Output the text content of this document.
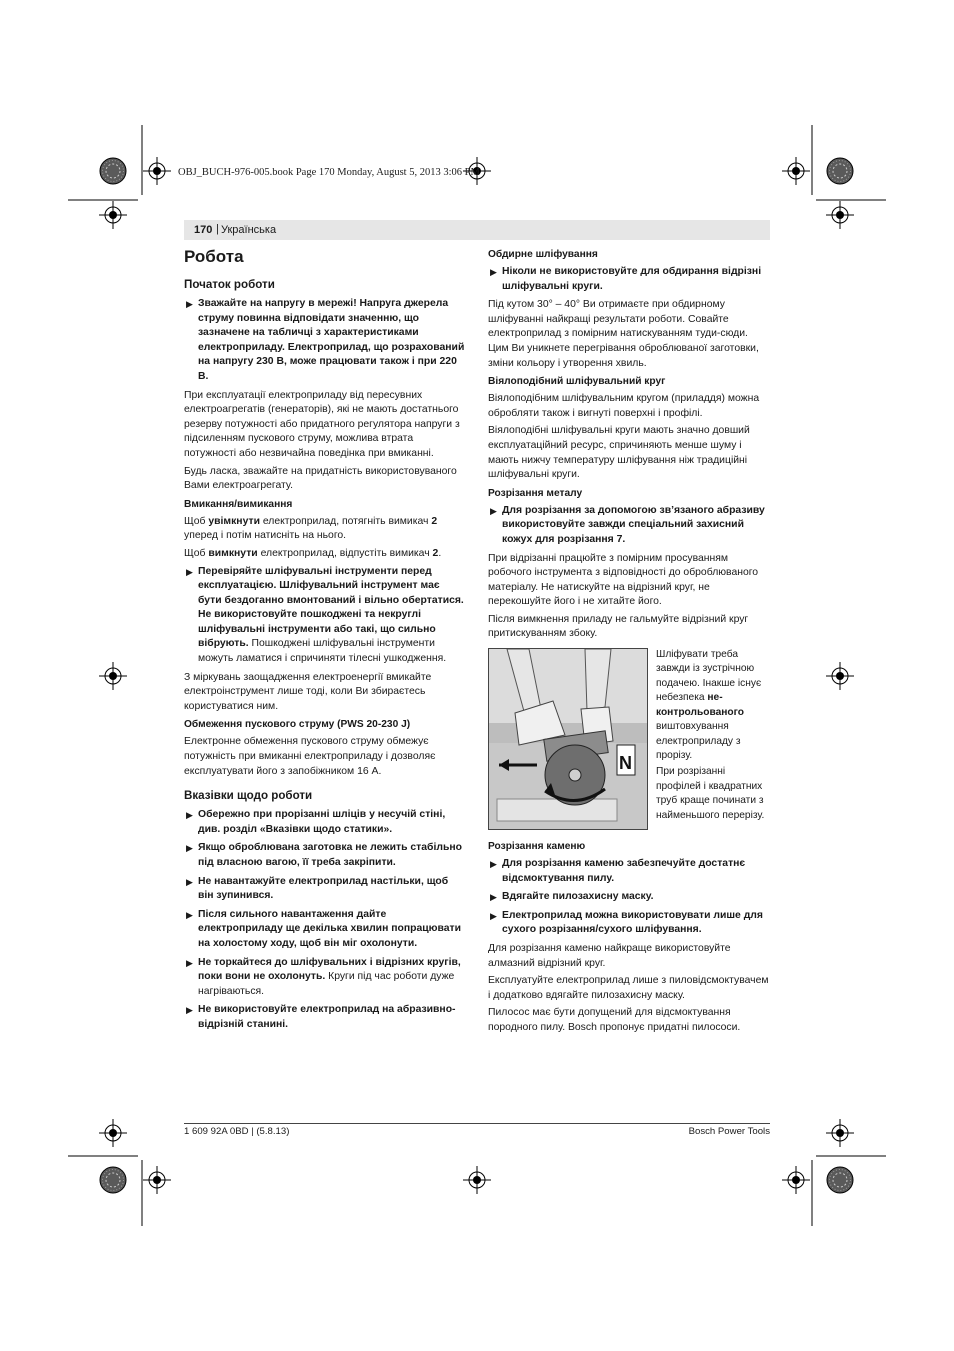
OBJ_BUCH-976-005.book Page 170 Monday, August 5, 2013 3:06 PM
170 | Українська
Робота
Початок роботи
▶ Зважайте на напругу в мережі! Напруга джерела струму повинна відповідати значенню, що зазначене на табличці з характеристиками електроприладу. Електроприлад, що розрахований на напругу 230 В, може працювати також і при 220 В.

При експлуатації електроприладу від пересувних електроагрегатів (генераторів), які не мають достатнього резерву потужності або придатного регулятора напруги з підсиленням пускового струму, можлива втрата потужності або незвичайна поведінка при вмиканні.

Будь ласка, зважайте на придатність використовуваного Вами електроагрегату.

Вмикання/вимикання

Щоб увімкнути електроприлад, потягніть вимикач 2 уперед і потім натисніть на нього.

Щоб вимкнути електроприлад, відпустіть вимикач 2.

▶ Перевіряйте шліфувальні інструменти перед експлуатацією. Шліфувальний інструмент має бути бездоганно вмонтований і вільно обертатися. Не використовуйте пошкоджені та некруглі шліфувальні інструменти або такі, що сильно вібрують. Пошкоджені шліфувальні інструменти можуть ламатися і спричиняти тілесні ушкодження.

З міркувань заощадження електроенергії вмикайте електроінструмент лише тоді, коли Ви збираєтесь користуватися ним.

Обмеження пускового струму (PWS 20-230 J)

Електронне обмеження пускового струму обмежує потужність при вмиканні електроприладу і дозволяє експлуатувати його з запобіжником 16 A.

Вказівки щодо роботи
▶ Обережно при прорізанні шліців у несучій стіні, див. розділ «Вказівки щодо статики».
▶ Якщо оброблювана заготовка не лежить стабільно під власною вагою, її треба закріпити.
▶ Не навантажуйте електроприлад настільки, щоб він зупинився.
▶ Після сильного навантаження дайте електроприладу ще декілька хвилин попрацювати на холостому ходу, щоб він міг охолонути.
▶ Не торкайтеся до шліфувальних і відрізних кругів, поки вони не охолонуть. Круги під час роботи дуже нагріваються.
▶ Не використовуйте електроприлад на абразивно-відрізній станині.
Обдирне шліфування
▶ Ніколи не використовуйте для обдирання відрізні шліфувальні круги.

Під кутом 30° – 40° Ви отримаєте при обдирному шліфуванні найкращі результати роботи. Совайте електроприлад з помірним натискуванням туди-сюди. Цим Ви уникнете перегрівання оброблюваної заготовки, зміни кольору і утворення хвиль.

Віялоподібний шліфувальний круг

Віялоподібним шліфувальним кругом (приладдя) можна обробляти також і вигнуті поверхні і профілі.

Віялоподібні шліфувальні круги мають значно довший експлуатаційний ресурс, спричиняють менше шуму і мають нижчу температуру шліфування ніж традиційні шліфувальні круги.

Розрізання металу
▶ Для розрізання за допомогою зв’язаного абразиву використовуйте завжди спеціальний захисний кожух для розрізання 7.

При відрізанні працюйте з помірним просуванням робочого інструмента з відповідності до оброблюваного матеріалу. Не натискуйте на відрізний круг, не перекошуйте його і не хитайте його.

Після вимкнення приладу не гальмуйте відрізний круг притискуванням збоку.

N
Шліфувати треба завжди із зустрічною подачею. Інакше існує небезпека не-контрольованого виштовхування електроприладу з прорізу.
При розрізанні профілей і квадратних труб краще починати з найменьшого перерізу.
Розрізання каменю
▶ Для розрізання каменю забезпечуйте достатнє відсмоктування пилу.
▶ Вдягайте пилозахисну маску.
▶ Електроприлад можна використовувати лише для сухого розрізання/сухого шліфування.

Для розрізання каменю найкраще використовуйте алмазний відрізний круг.

Експлуатуйте електроприлад лише з пиловідсмоктувачем і додатково вдягайте пилозахисну маску.

Пилосос має бути допущений для відсмоктування породного пилу. Bosch пропонує придатні пилососи.

1 609 92A 0BD | (5.8.13)	Bosch Power Tools
